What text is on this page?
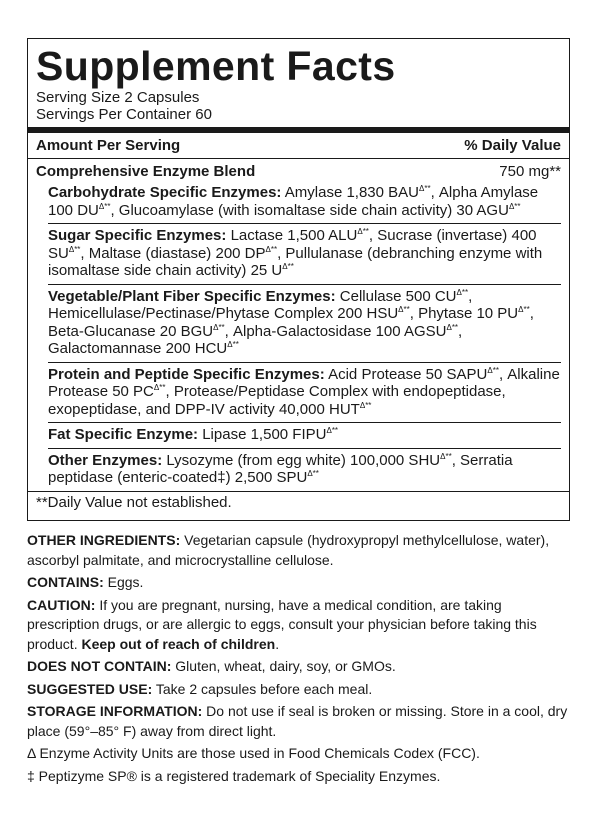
Supplement Facts
Serving Size 2 Capsules
Servings Per Container 60
Amount Per Serving	% Daily Value
Comprehensive Enzyme Blend	750 mg**
Carbohydrate Specific Enzymes: Amylase 1,830 $BAU^{\Delta**}$, Alpha Amylase 100 $DU^{\Delta**}$, Glucoamylase (with isomaltase side chain activity) 30 $AGU^{\Delta**}$
Sugar Specific Enzymes: Lactase 1,500 $ALU^{\Delta**}$, Sucrase (invertase) 400 $SU^{\Delta**}$, Maltase (diastase) 200 $DP^{\Delta**}$, Pullulanase (debranching enzyme with isomaltase side chain activity) 25 $U^{\Delta**}$
Vegetable/Plant Fiber Specific Enzymes: Cellulase 500 $CU^{\Delta**}$, Hemicellulase/Pectinase/Phytase Complex 200 $HSU^{\Delta**}$, Phytase 10 $PU^{\Delta**}$, Beta-Glucanase 20 $BGU^{\Delta**}$, Alpha-Galactosidase 100 $AGSU^{\Delta**}$, Galactomannase 200 $HCU^{\Delta**}$
Protein and Peptide Specific Enzymes: Acid Protease 50 $SAPU^{\Delta**}$, Alkaline Protease 50 $PC^{\Delta**}$, Protease/Peptidase Complex with endopeptidase, exopeptidase, and DPP-IV activity 40,000 $HUT^{\Delta**}$
Fat Specific Enzyme: Lipase 1,500 $FIPU^{\Delta**}$
Other Enzymes: Lysozyme (from egg white) 100,000 $SHU^{\Delta**}$, Serratia peptidase (enteric-coated‡) 2,500 $SPU^{\Delta**}$
**Daily Value not established.

OTHER INGREDIENTS: Vegetarian capsule (hydroxypropyl methylcellulose, water), ascorbyl palmitate, and microcrystalline cellulose.

CONTAINS: Eggs.

CAUTION: If you are pregnant, nursing, have a medical condition, are taking prescription drugs, or are allergic to eggs, consult your physician before taking this product. Keep out of reach of children.

DOES NOT CONTAIN: Gluten, wheat, dairy, soy, or GMOs.

SUGGESTED USE: Take 2 capsules before each meal.

STORAGE INFORMATION: Do not use if seal is broken or missing. Store in a cool, dry place (59°–85° F) away from direct light.

Δ Enzyme Activity Units are those used in Food Chemicals Codex (FCC).

‡ Peptizyme SP® is a registered trademark of Speciality Enzymes.
